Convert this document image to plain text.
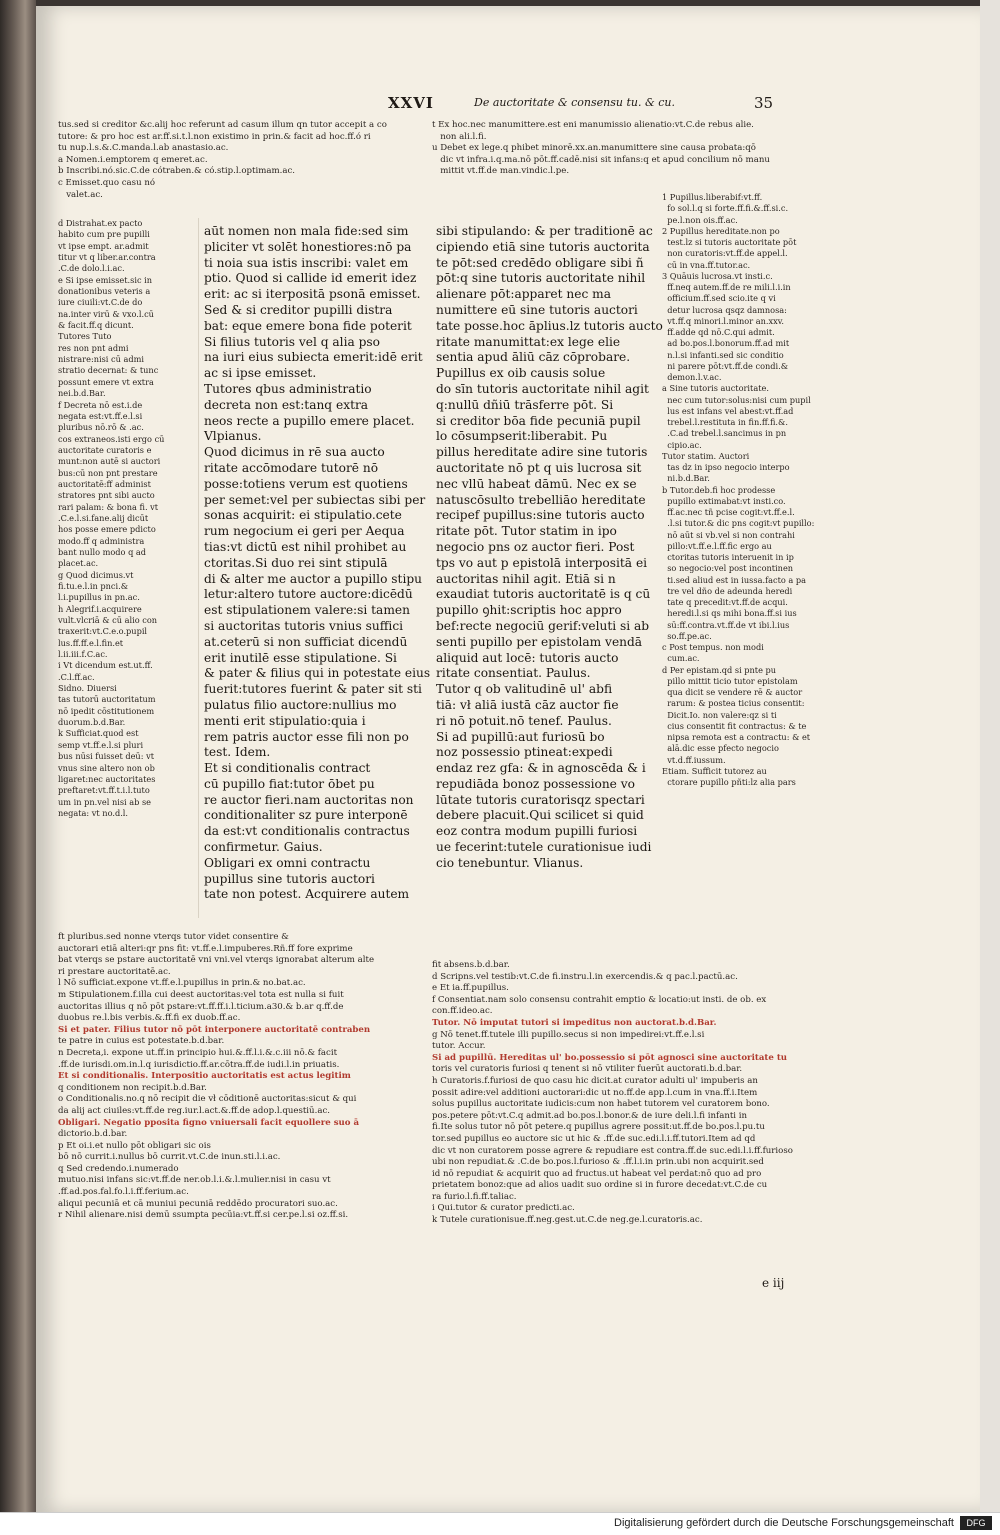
XXVI	De auctoritate & consensu tu. & cu.	35
tus.sed si creditor &c.alij hoc referunt ad casum illum qn tutor accepit a co
tutore: & pro hoc est ar.ff.si.t.l.non existimo in prin.& facit ad hoc.ff.ó ri
tu nup.l.s.&.C.manda.l.ab anastasio.ac.
a Nomen.i.emptorem q emeret.ac.
b Inscribi.nó.sic.C.de cótraben.& có.stip.l.optimam.ac.
c Emisset.quo casu nó
valet.ac.
d Distrahat.ex pacto
habito cum pre pupilli
vt ipse empt. ar.admit
titur vt q liber.ar.contra
.C.de dolo.l.i.ac.
e Si ipse emisset.sic in
donationibus veteris a
iure ciuili:vt.C.de do
na.inter virū & vxo.l.cū
& facit.ff.q dicunt.
Tutores Tuto
res non pnt admi
nistrare:nisi cū admi
stratio decernat: & tunc
possunt emere vt extra
nei.b.d.Bar.
f Decreta nō est.i.de
negata est:vt.ff.e.l.si
pluribus nō.rō & .ac.
cos extraneos.isti ergo cū
auctoritate curatoris e
munt:non autē si auctori
bus:cū non pnt prestare
auctoritatē:ff administ
stratores pnt sibi aucto
rari palam: & bona fi. vt
.C.e.l.si.fane.alij dicūt
hos posse emere pdicto
modo.ff q administra
bant nullo modo q ad
placet.ac.
g Quod dicimus.vt
fi.tu.e.l.in pnci.&
l.i.pupillus in pn.ac.
h Alegrif.i.acquirere
vult.vlcriā & cū alio con
traxerit:vt.C.e.o.pupil
lus.ff.ff.e.l.fin.et
l.ii.iii.f.C.ac.
i Vt dicendum est.ut.ff.
.C.l.ff.ac.
Sidno. Diuersi
tas tutorū auctoritatum
nō ipedit cōstitutionem
duorum.b.d.Bar.
k Sufficiat.quod est
semp vt.ff.e.l.si pluri
bus nūsi fuisset deū: vt
vnus sine altero non ob
ligaret:nec auctoritates
preftaret:vt.ff.t.i.l.tuto
um in pn.vel nisi ab se
negata: vt no.d.l.
aūt nomen non mala fide:sed sim
pliciter vt solēt honestiores:nō pa
ti noia sua istis inscribi: valet em
ptio. Quod si callide id emerit idez
erit: ac si iterpositā psonā emisset.
Sed & si creditor pupilli distra
bat: eque emere bona fide poterit
Si filius tutoris vel q alia pso
na iuri eius subiecta emerit:idē erit
ac si ipse emisset.
Tutores qbus administratio
decreta non est:tanq extra
neos recte a pupillo emere placet.
Vlpianus.
Quod dicimus in rē sua aucto
ritate accōmodare tutorē nō
posse:totiens verum est quotiens
per semet:vel per subiectas sibi per
sonas acquirit: ei stipulatio.cete
rum negocium ei geri per Aequa
tias:vt dictū est nihil prohibet au
ctoritas.Si duo rei sint stipulā
di & alter me auctor a pupillo stipu
letur:altero tutore auctore:dicēdū
est stipulationem valere:si tamen
si auctoritas tutoris vnius suffici
at.ceterū si non sufficiat dicendū
erit inutilē esse stipulatione. Si
& pater & filius qui in potestate eius
fuerit:tutores fuerint & pater sit sti
pulatus filio auctore:nullius mo
menti erit stipulatio:quia i
rem patris auctor esse fili non po
test. Idem.
Et si conditionalis contract
cū pupillo fiat:tutor ōbet pu
re auctor fieri.nam auctoritas non
conditionaliter sz pure interponē
da est:vt conditionalis contractus
confirmetur. Gaius.
Obligari ex omni contractu
pupillus sine tutoris auctori
tate non potest. Acquirere autem
sibi stipulando: & per traditionē ac
cipiendo etiā sine tutoris auctorita
te pōt:sed credēdo obligare sibi ñ
pōt:q sine tutoris auctoritate nihil
alienare pōt:apparet nec ma
numittere eū sine tutoris auctori
tate posse.hoc āplius.lz tutoris aucto
ritate manumittat:ex lege elie
sentia apud āliū cāz cōprobare.
Pupillus ex oib causis solue
do sīn tutoris auctoritate nihil agit
q:nullū dñiū trāsferre pōt. Si
si creditor bōa fide pecuniā pupil
lo cōsumpserit:liberabit. Pu
pillus hereditate adire sine tutoris
auctoritate nō pt q uis lucrosa sit
nec vllū habeat dāmū. Nec ex se
natuscōsulto trebelliāo hereditate
recipef pupillus:sine tutoris aucto
ritate pōt. Tutor statim in ipo
negocio pns oz auctor fieri. Post
tps vo aut p epistolā interpositā ei
auctoritas nihil agit. Etiā si n
exaudiat tutoris auctoritatē is q cū
pupillo ꝯhit:scriptis hoc appro
bef:recte negociū gerif:veluti si ab
senti pupillo per epistolam vendā
aliquid aut locē: tutoris aucto
ritate consentiat. Paulus.
Tutor q ob valitudinē ul' abfi
tiā: vł aliā iustā cāz auctor fie
ri nō potuit.nō tenef. Paulus.
Si ad pupillū:aut furiosū bo
noz possessio ptineat:expedi
endaz rez gfa: & in agnoscēda & i
repudiāda bonoz possessione vo
lūtate tutoris curatorisqz spectari
debere placuit.Qui scilicet si quid
eoz contra modum pupilli furiosi
ue fecerint:tutele curationisue iudi
cio tenebuntur. Vlianus.
t Ex hoc.nec manumittere.est eni manumissio alienatio:vt.C.de rebus alie.
non ali.l.fi.
u Debet ex lege.q phibet minorē.xx.an.manumittere sine causa probata:qō
dic vt infra.i.q.ma.nō pōt.ff.cadē.nisi sit infans:q et apud concilium nō manu
mittit vt.ff.de man.vindic.l.pe.
1 Pupillus.liberabif:vt.ff.
fo sol.l.q si forte.ff.fi.&.ff.si.c.
pe.l.non ois.ff.ac.
2 Pupillus hereditate.non po
test.lz si tutoris auctoritate pōt
non curatoris:vt.ff.de appel.l.
cū in vna.ff.tutor.ac.
3 Quāuis lucrosa.vt insti.c.
ff.neq autem.ff.de re mili.l.i.in
officium.ff.sed scio.ite q vi
detur lucrosa qsqz damnosa:
vt.ff.q minori.l.minor an.xxv.
ff.adde qd nō.C.qui admit.
ad bo.pos.l.bonorum.ff.ad mit
n.l.si infanti.sed sic conditio
ni parere pōt:vt.ff.de condi.&
demon.l.v.ac.
a Sine tutoris auctoritate.
nec cum tutor:solus:nisi cum pupil
lus est infans vel abest:vt.ff.ad
trebel.l.restituta in fin.ff.fi.&.
.C.ad trebel.l.sancimus in pn
cipio.ac.
Tutor statim. Auctori
tas dz in ipso negocio interpo
ni.b.d.Bar.
b Tutor.deb.fi hoc prodesse
pupillo extimabat:vt insti.co.
ff.ac.nec tñ pcise cogit:vt.ff.e.l.
.l.si tutor.& dic pns cogit:vt pupillo:
nō aūt si vb.vel si non contrahi
pillo:vt.ff.e.l.ff.fic ergo au
ctoritas tutoris interuenit in ip
so negocio:vel post incontinen
ti.sed aliud est in iussa.facto a pa
tre vel dño de adeunda heredi
tate q precedit:vt.ff.de acqui.
heredi.l.si qs mihi bona.ff.si ius
sū:ff.contra.vt.ff.de vt ibi.l.ius
so.ff.pe.ac.
c Post tempus. non modi
cum.ac.
d Per epistam.qd si pnte pu
pillo mittit ticio tutor epistolam
qua dicit se vendere rē & auctor
rarum: & postea ticius consentit:
Dicit.Io. non valere:qz si ti
cius consentit fit contractus: & te
nipsa remota est a contractu: & et
alā.dic esse pfecto negocio
vt.d.ff.iussum.
Etiam. Sufficit tutorez au
ctorare pupillo pñti:lz alia pars
ft pluribus.sed nonne vterqs tutor videt consentire &
auctorari etiā alteri:qr pns fit: vt.ff.e.l.impuberes.Rñ.ff fore exprime
bat vterqs se pstare auctoritatē vni vni.vel vterqs ignorabat alterum alte
ri prestare auctoritatē.ac.
l Nō sufficiat.expone vt.ff.e.l.pupillus in prin.& no.bat.ac.
m Stipulationem.f.illa cui deest auctoritas:vel tota est nulla si fuit
auctoritas illius q nō pōt pstare:vt.ff.ff.i.l.ticium.a30.& b.ar q.ff.de
duobus re.l.bis verbis.&.ff.fi ex duob.ff.ac.
Si et pater. Filius tutor nō pōt interponere auctoritatē contraben
te patre in cuius est potestate.b.d.bar.
n Decreta,i. expone ut.ff.in principio hui.&.ff.l.i.&.c.iii nō.& facit
.ff.de iurisdi.om.in.l.q iurisdictio.ff.ar.cōtra.ff.de iudi.l.in priuatis.
Et si conditionalis. Interpositio auctoritatis est actus legitim
q conditionem non recipit.b.d.Bar.
o Conditionalis.no.q nō recipit die vł cōditionē auctoritas:sicut & qui
da alij act ciuiles:vt.ff.de reg.iur.l.act.&.ff.de adop.l.questiū.ac.
Obligari. Negatio pposita figno vniuersali facit equollere suo ā
dictorio.b.d.bar.
p Et oi.i.et nullo pōt obligari sic ois
bō nō currit.i.nullus bō currit.vt.C.de inun.sti.l.i.ac.
q Sed credendo.i.numerado
mutuo.nisi infans sic:vt.ff.de ner.ob.l.i.&.l.mulier.nisi in casu vt
.ff.ad.pos.fal.fo.l.i.ff.ferium.ac.
aliqui pecuniā et cā muniui pecuniā reddēdo procuratori suo.ac.
r Nihil alienare.nisi demū ssumpta pecūia:vt.ff.si cer.pe.l.si oz.ff.si.
fit absens.b.d.bar.
d Scripns.vel testib:vt.C.de fi.instru.l.in exercendis.& q pac.l.pactū.ac.
e Et ia.ff.pupillus.
f Consentiat.nam solo consensu contrahit emptio & locatio:ut insti. de ob. ex
con.ff.ideo.ac.
Tutor. Nō imputat tutori si impeditus non auctorat.b.d.Bar.
g Nō tenet.ff.tutele illi pupillo.secus si non impedirei:vt.ff.e.l.si
tutor. Accur.
Si ad pupillū. Hereditas ul' bo.possessio si pōt agnosci sine auctoritate tu
toris vel curatoris furiosi q tenent si nō vtiliter fuerūt auctorati.b.d.bar.
h Curatoris.f.furiosi de quo casu hic dicit.at curator adulti ul' impuberis an
possit adire:vel additioni auctorari:dic ut no.ff.de app.l.cum in vna.ff.i.Item
solus pupillus auctoritate iudicis:cum non habet tutorem vel curatorem bono.
pos.petere pōt:vt.C.q admit.ad bo.pos.l.bonor.& de iure deli.l.fi infanti in
fi.Ite solus tutor nō pōt petere.q pupillus agrere possit:ut.ff.de bo.pos.l.pu.tu
tor.sed pupillus eo auctore sic ut hic & .ff.de suc.edi.l.i.ff.tutori.Item ad qd
dic vt non curatorem posse agrere & repudiare est contra.ff.de suc.edi.l.i.ff.furioso
ubi non repudiat.& .C.de bo.pos.l.furioso & .ff.l.i.in prin.ubi non acquirit.sed
id nō repudiat & acquirit quo ad fructus.ut habeat vel perdat:nō quo ad pro
prietatem bonoz:que ad alios uadit suo ordine si in furore decedat:vt.C.de cu
ra furio.l.fi.ff.taliac.
i Qui.tutor & curator predicti.ac.
k Tutele curationisue.ff.neg.gest.ut.C.de neg.ge.l.curatoris.ac.
e iij
Digitalisierung gefördert durch die Deutsche Forschungsgemeinschaft	DFG
